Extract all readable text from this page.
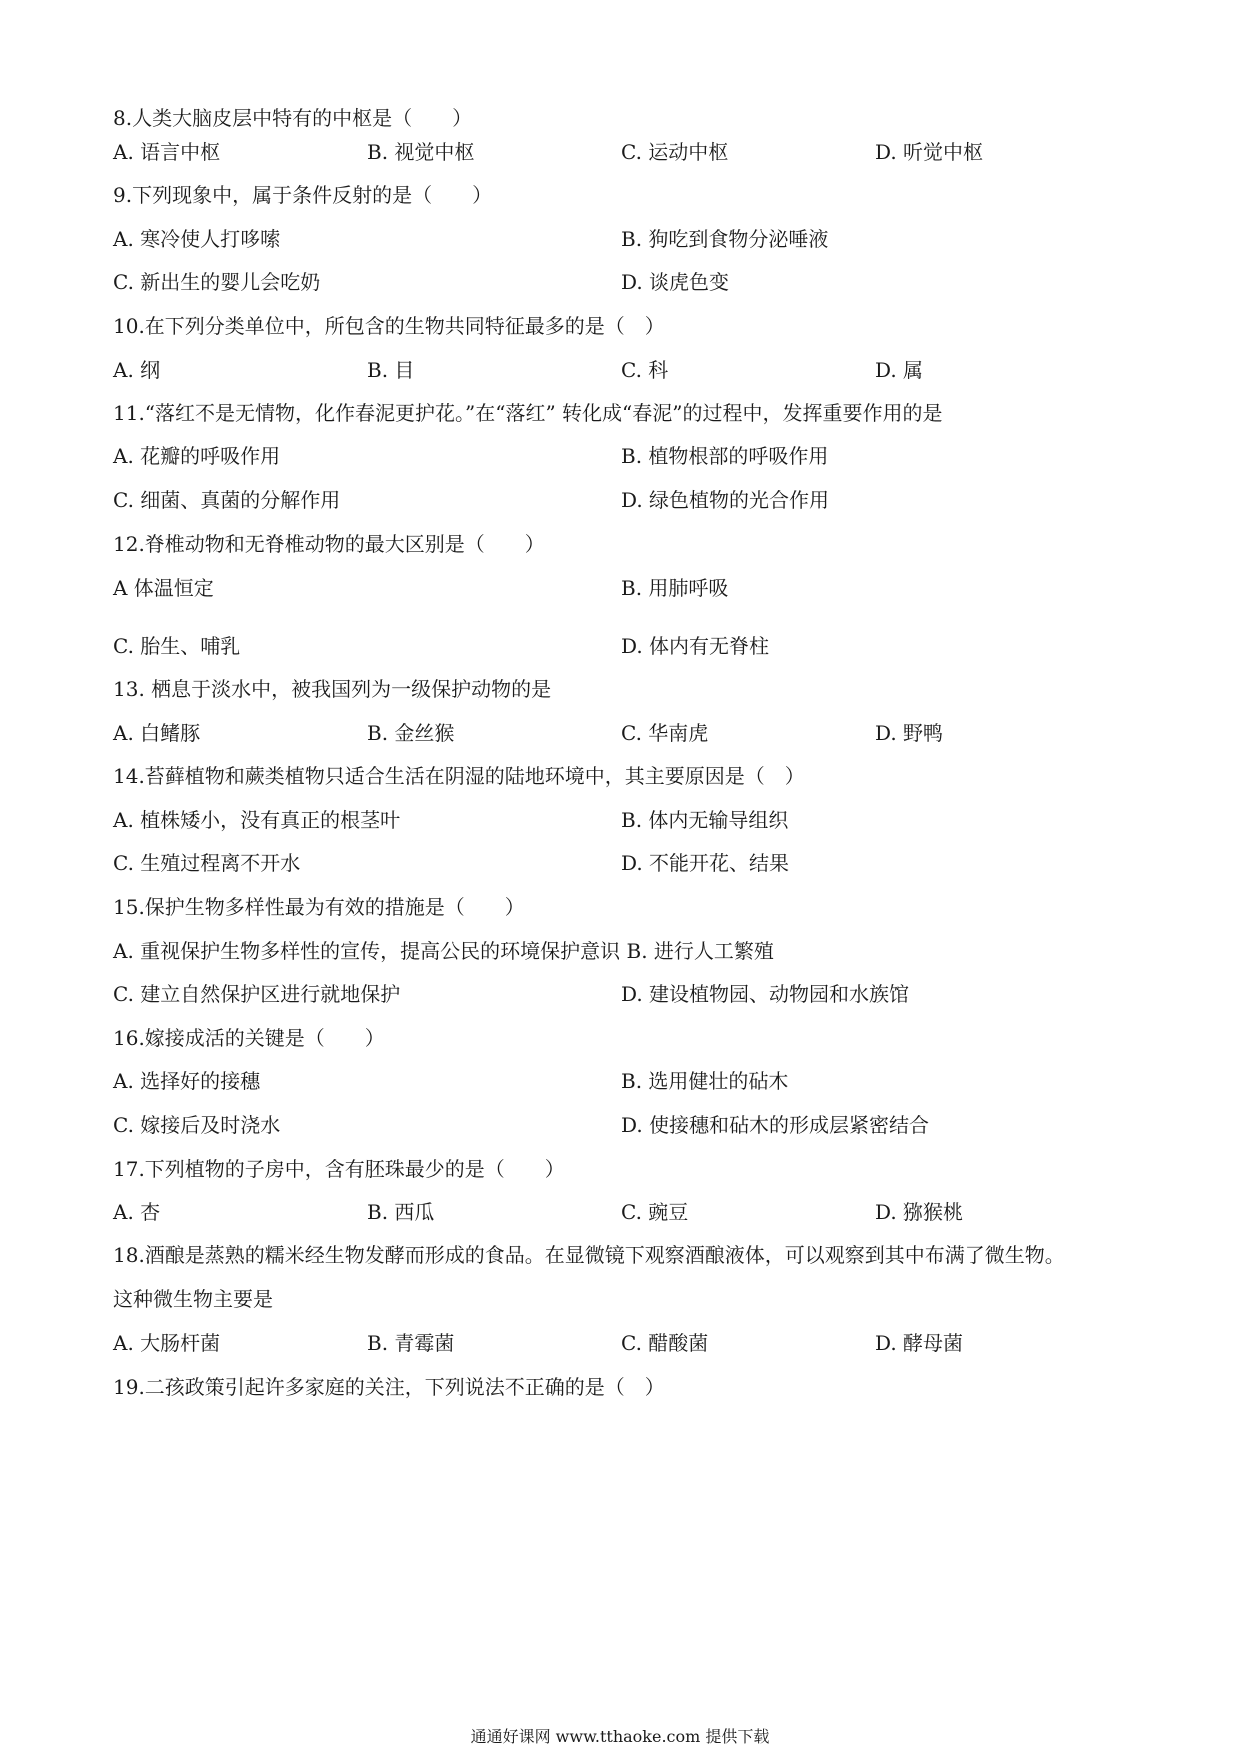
8.人类大脑皮层中特有的中枢是（　　）
A. 语言中枢	B. 视觉中枢	C. 运动中枢	D. 听觉中枢
9.下列现象中，属于条件反射的是（　　）
A. 寒冷使人打哆嗦	B. 狗吃到食物分泌唾液
C. 新出生的婴儿会吃奶	D. 谈虎色变
10.在下列分类单位中，所包含的生物共同特征最多的是（　）
A. 纲	B. 目	C. 科	D. 属
11.“落红不是无情物，化作春泥更护花。”在“落红” 转化成“春泥”的过程中，发挥重要作用的是
A. 花瓣的呼吸作用	B. 植物根部的呼吸作用
C. 细菌、真菌的分解作用	D. 绿色植物的光合作用
12.脊椎动物和无脊椎动物的最大区别是（　　）
A 体温恒定	B. 用肺呼吸
C. 胎生、哺乳	D. 体内有无脊柱
13. 栖息于淡水中，被我国列为一级保护动物的是
A. 白鳍豚	B. 金丝猴	C. 华南虎	D. 野鸭
14.苔藓植物和蕨类植物只适合生活在阴湿的陆地环境中，其主要原因是（　）
A. 植株矮小，没有真正的根茎叶	B. 体内无输导组织
C. 生殖过程离不开水	D. 不能开花、结果
15.保护生物多样性最为有效的措施是（　　）
A. 重视保护生物多样性的宣传，提高公民的环境保护意识 B. 进行人工繁殖
C. 建立自然保护区进行就地保护	D. 建设植物园、动物园和水族馆
16.嫁接成活的关键是（　　）
A. 选择好的接穗	B. 选用健壮的砧木
C. 嫁接后及时浇水	D. 使接穗和砧木的形成层紧密结合
17.下列植物的子房中，含有胚珠最少的是（　　）
A. 杏	B. 西瓜	C. 豌豆	D. 猕猴桃
18.酒酿是蒸熟的糯米经生物发酵而形成的食品。在显微镜下观察酒酿液体，可以观察到其中布满了微生物。
这种微生物主要是
A. 大肠杆菌	B. 青霉菌	C. 醋酸菌	D. 酵母菌
19.二孩政策引起许多家庭的关注，下列说法不正确的是（　）
通通好课网 www.tthaoke.com 提供下载
